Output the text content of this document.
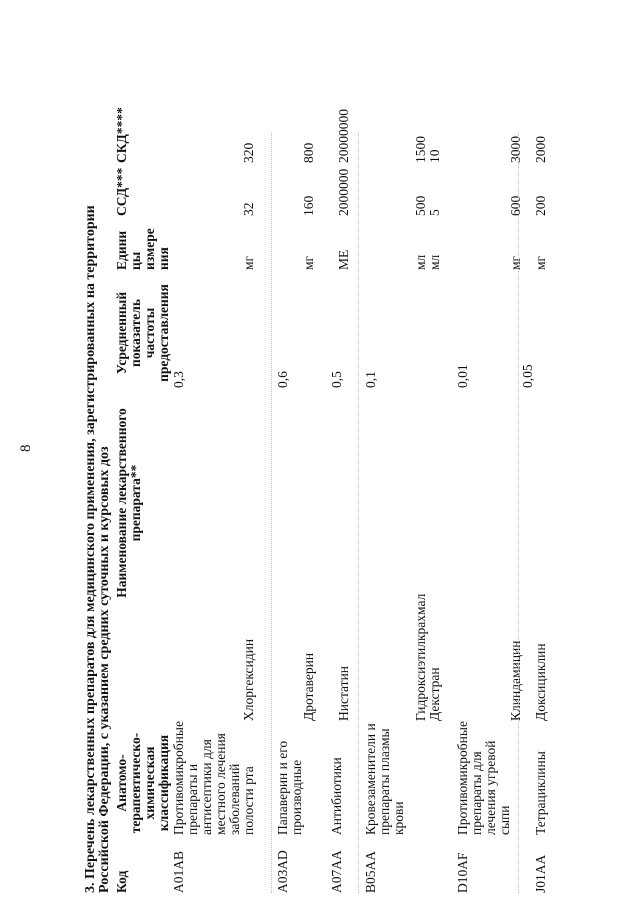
8	3. Перечень лекарственных препаратов для медицинского применения, зарегистрированных на территории Российской Федерации, с указанием средних суточных и курсовых доз Код
Анатомо- терапевтическо- химическая классификация
Наименование лекарственного препарата**
Усредненный показатель частоты предоставления
Едини цы измере ния
ССД***
СКД****
A01AB
Противомикробные препараты и антисептики для местного лечения заболеваний полости рта
0,3
Хлоргексидин
мг
32
320
A03AD
Папаверин и его производные
0,6
Дротаверин
мг
160
800
A07AA
Антибиотики
0,5
Нистатин
МЕ
2000000
20000000
B05AA
Кровезаменители и препараты плазмы крови
0,1
Гидроксиэтилкрахмал
мл
500
1500
Декстран
мл
5
10
D10AF
Противомикробные препараты для лечения угревой сыпи
0,01
Клиндамицин
мг
600
3000
J01AA
Тетрациклины
0,05
Доксициклин
мг
200
2000
